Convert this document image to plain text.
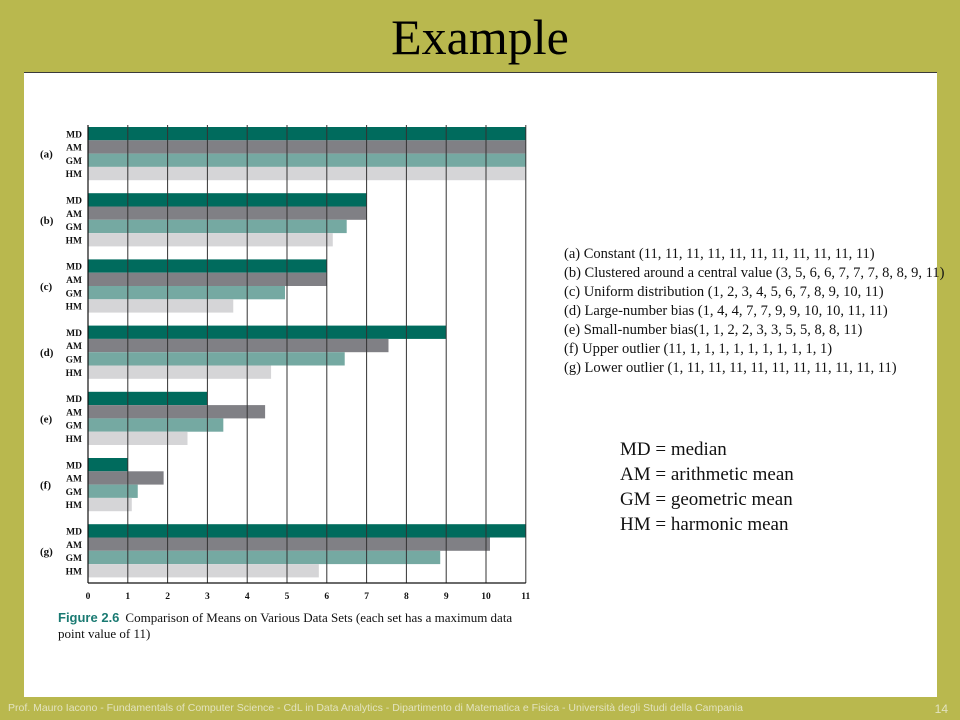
Example
MD
AM
GM
HM
(a)
MD
AM
GM
HM
(b)
MD
AM
GM
HM
(c)
MD
AM
GM
HM
(d)
MD
AM
GM
HM
(e)
MD
AM
GM
HM
(f)
MD
AM
GM
HM
(g)
0	1	2	3	4	5	6	7	8	9	10	11
(a) Constant (11, 11, 11, 11, 11, 11, 11, 11, 11, 11, 11)
(b) Clustered around a central value (3, 5, 6, 6, 7, 7, 7, 8, 8, 9, 11)
(c) Uniform distribution (1, 2, 3, 4, 5, 6, 7, 8, 9, 10, 11)
(d) Large-number bias (1, 4, 4, 7, 7, 9, 9, 10, 10, 11, 11)
(e) Small-number bias(1, 1, 2, 2, 3, 3, 5, 5, 8, 8, 11)
(f) Upper outlier (11, 1, 1, 1, 1, 1, 1, 1, 1, 1, 1)
(g) Lower outlier (1, 11, 11, 11, 11, 11, 11, 11, 11, 11, 11)
MD = median
AM = arithmetic mean
GM = geometric mean
HM = harmonic mean
Figure 2.6 Comparison of Means on Various Data Sets (each set has a maximum data point value of 11)
Prof. Mauro Iacono - Fundamentals of Computer Science - CdL in Data Analytics - Dipartimento di Matematica e Fisica - Università degli Studi della Campania	14
